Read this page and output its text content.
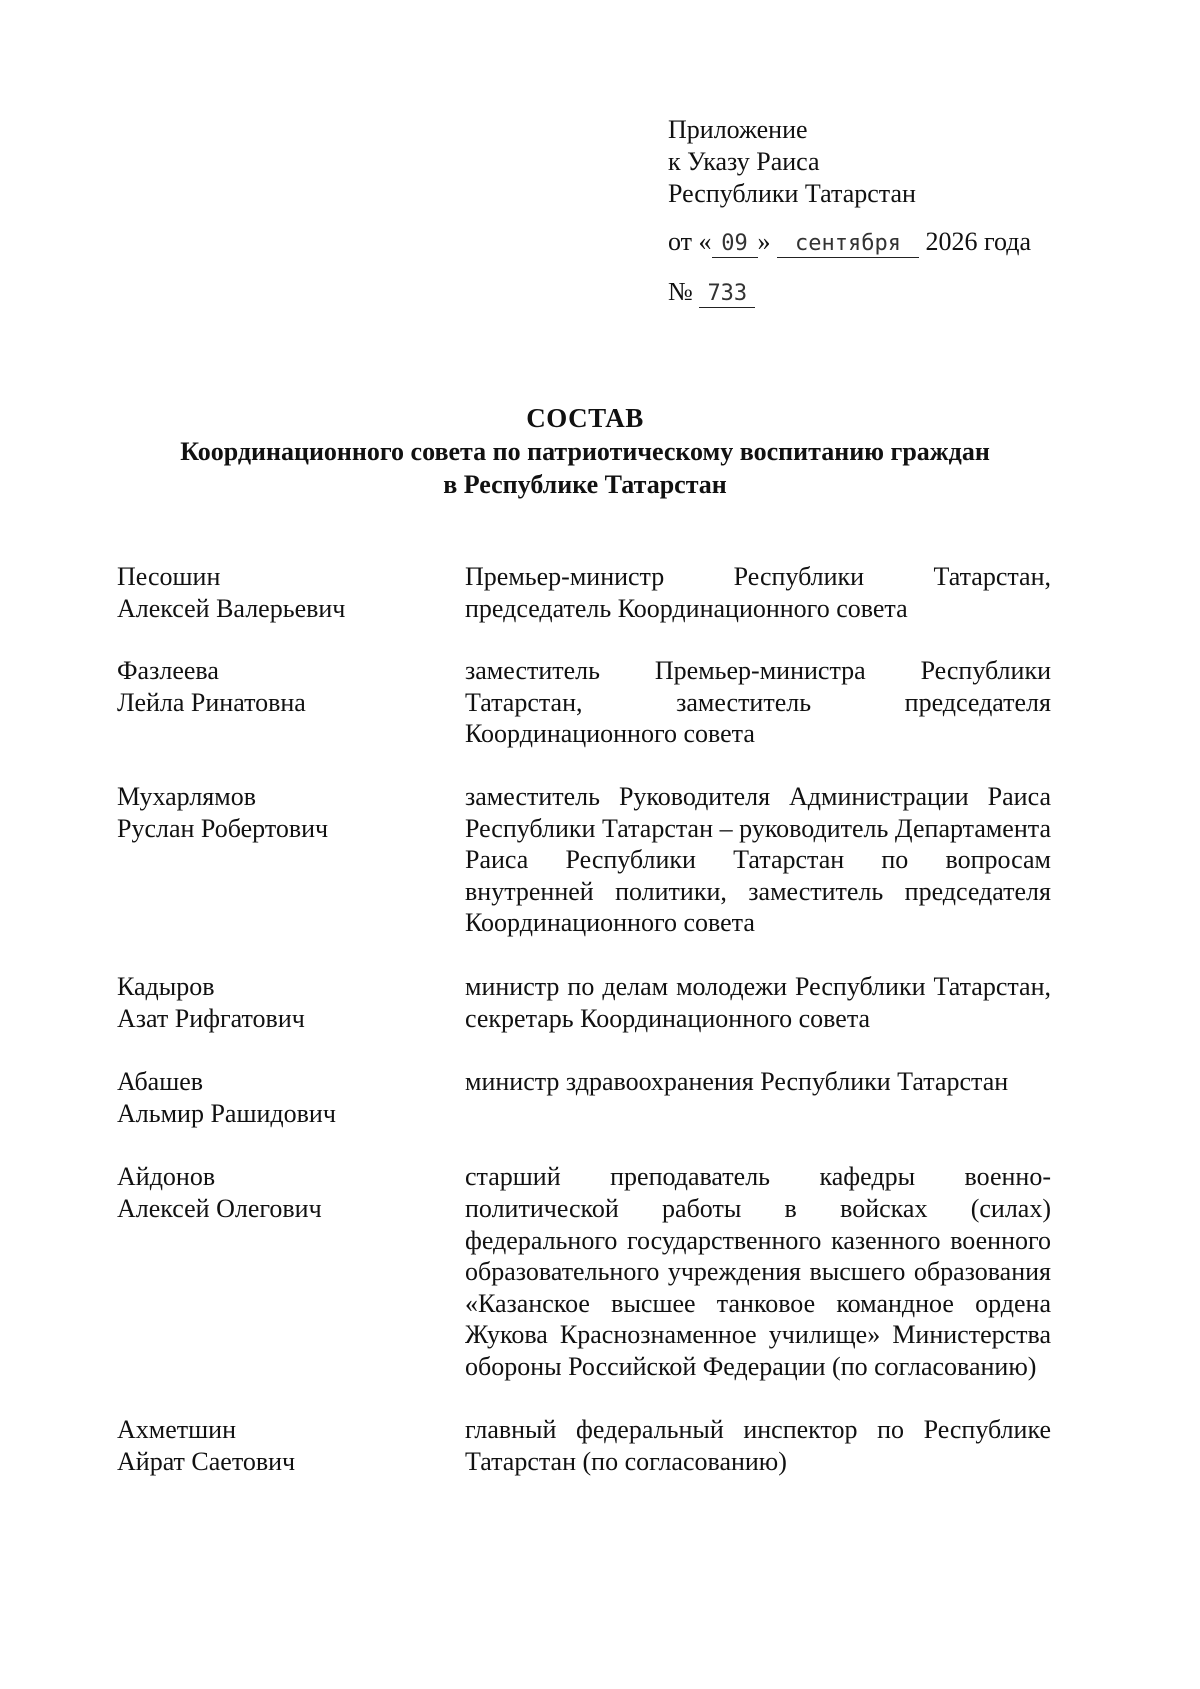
Приложение
к Указу Раиса
Республики Татарстан
от « 09 » сентября 2026 года
№ 733
СОСТАВ
Координационного совета по патриотическому воспитанию граждан
в Республике Татарстан
Песошин
Алексей Валерьевич
Премьер-министр Республики Татарстан, председатель Координационного совета
Фазлеева
Лейла Ринатовна
заместитель Премьер-министра Республики Татарстан, заместитель председателя Координационного совета
Мухарлямов
Руслан Робертович
заместитель Руководителя Администрации Раиса Республики Татарстан – руководитель Департамента Раиса Республики Татарстан по вопросам внутренней политики, заместитель председателя Координационного совета
Кадыров
Азат Рифгатович
министр по делам молодежи Республики Татарстан, секретарь Координационного совета
Абашев
Альмир Рашидович
министр здравоохранения Республики Татарстан
Айдонов
Алексей Олегович
старший преподаватель кафедры военно-политической работы в войсках (силах) федерального государственного казенного военного образовательного учреждения высшего образования «Казанское высшее танковое командное ордена Жукова Краснознаменное училище» Министерства обороны Российской Федерации (по согласованию)
Ахметшин
Айрат Саетович
главный федеральный инспектор по Республике Татарстан (по согласованию)
